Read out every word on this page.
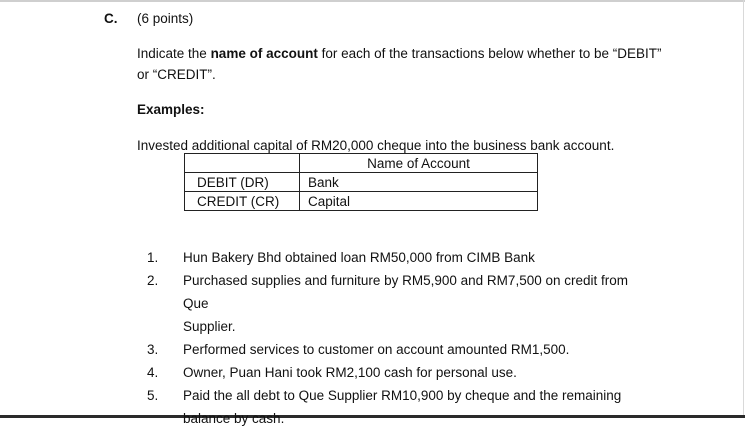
C. (6 points)
Indicate the name of account for each of the transactions below whether to be “DEBIT”
or “CREDIT”.
Examples:
Invested additional capital of RM20,000 cheque into the business bank account.
	Name of Account
DEBIT (DR)	Bank
CREDIT (CR)	Capital
1.	Hun Bakery Bhd obtained loan RM50,000 from CIMB Bank
2.	Purchased supplies and furniture by RM5,900 and RM7,500 on credit from Que
Supplier.
3.	Performed services to customer on account amounted RM1,500.
4.	Owner, Puan Hani took RM2,100 cash for personal use.
5.	Paid the all debt to Que Supplier RM10,900 by cheque and the remaining
balance by cash.
